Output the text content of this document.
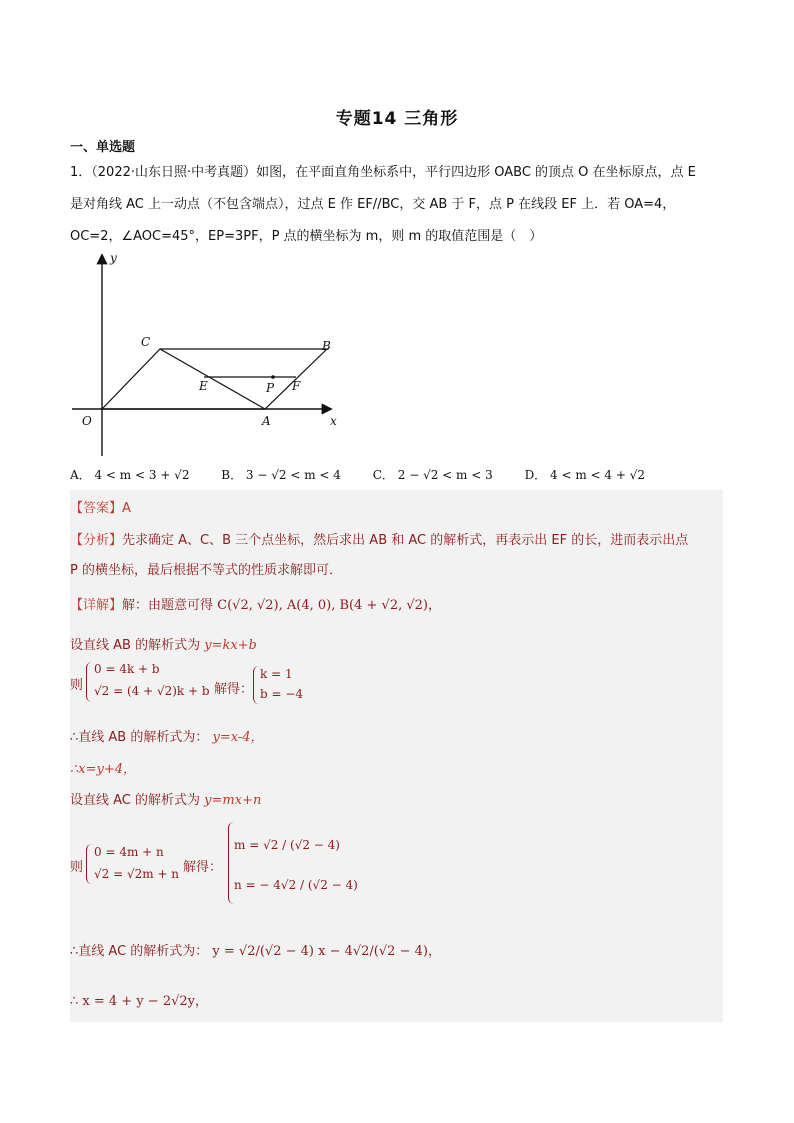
专题14 三角形
一、单选题
1．（2022·山东日照·中考真题）如图，在平面直角坐标系中，平行四边形 OABC 的顶点 O 在坐标原点，点 E
是对角线 AC 上一动点（不包含端点），过点 E 作 EF//BC，交 AB 于 F，点 P 在线段 EF 上．若 OA=4，
OC=2，∠AOC=45°，EP=3PF，P 点的横坐标为 m，则 m 的取值范围是（　）
y
x
O	A
B
C
E	F
P
A． 4 < m < 3 + √2	B． 3 − √2 < m < 4	C． 2 − √2 < m < 3	D． 4 < m < 4 + √2
【答案】A
【分析】先求确定 A、C、B 三个点坐标，然后求出 AB 和 AC 的解析式，再表示出 EF 的长，进而表示出点
P 的横坐标，最后根据不等式的性质求解即可．
【详解】解：由题意可得 C(√2, √2), A(4, 0), B(4 + √2, √2)，
设直线 AB 的解析式为 y=kx+b
则
0 = 4k + b
√2 = (4 + √2)k + b 解得：
k = 1
b = −4
∴直线 AB 的解析式为： y=x-4，
∴x=y+4，
设直线 AC 的解析式为 y=mx+n
则
0 = 4m + n
√2 = √2m + n 解得：
m = √2 / (√2 − 4)
n = − 4√2 / (√2 − 4)
∴直线 AC 的解析式为： y = √2/(√2 − 4) x − 4√2/(√2 − 4)，
∴ x = 4 + y − 2√2y，
